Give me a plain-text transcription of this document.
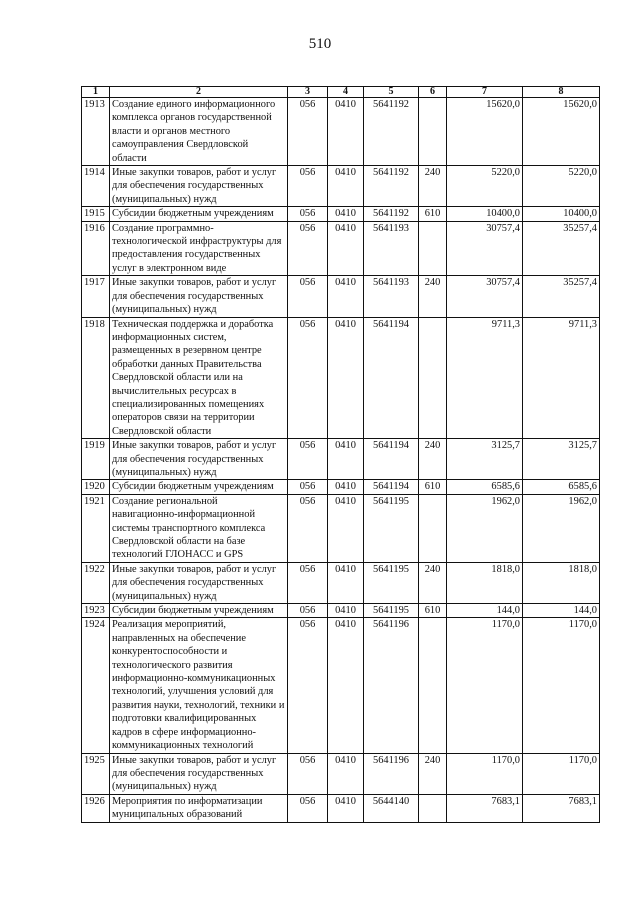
510
1	2	3	4	5	6	7	8
1913	Создание единого информационного комплекса органов государственной власти и органов местного самоуправления Свердловской области	056	0410	5641192		15620,0	15620,0
1914	Иные закупки товаров, работ и услуг для обеспечения государственных (муниципальных) нужд	056	0410	5641192	240	5220,0	5220,0
1915	Субсидии бюджетным учреждениям	056	0410	5641192	610	10400,0	10400,0
1916	Создание программно-технологической инфраструктуры для предоставления государственных услуг в электронном виде	056	0410	5641193		30757,4	35257,4
1917	Иные закупки товаров, работ и услуг для обеспечения государственных (муниципальных) нужд	056	0410	5641193	240	30757,4	35257,4
1918	Техническая поддержка и доработка информационных систем, размещенных в резервном центре обработки данных Правительства Свердловской области или на вычислительных ресурсах в специализированных помещениях операторов связи на территории Свердловской области	056	0410	5641194		9711,3	9711,3
1919	Иные закупки товаров, работ и услуг для обеспечения государственных (муниципальных) нужд	056	0410	5641194	240	3125,7	3125,7
1920	Субсидии бюджетным учреждениям	056	0410	5641194	610	6585,6	6585,6
1921	Создание региональной навигационно-информационной системы транспортного комплекса Свердловской области на базе технологий ГЛОНАСС и GPS	056	0410	5641195		1962,0	1962,0
1922	Иные закупки товаров, работ и услуг для обеспечения государственных (муниципальных) нужд	056	0410	5641195	240	1818,0	1818,0
1923	Субсидии бюджетным учреждениям	056	0410	5641195	610	144,0	144,0
1924	Реализация мероприятий, направленных на обеспечение конкурентоспособности и технологического развития информационно-коммуникационных технологий, улучшения условий для развития науки, технологий, техники и подготовки квалифицированных кадров в сфере информационно-коммуникационных технологий	056	0410	5641196		1170,0	1170,0
1925	Иные закупки товаров, работ и услуг для обеспечения государственных (муниципальных) нужд	056	0410	5641196	240	1170,0	1170,0
1926	Мероприятия по информатизации муниципальных образований	056	0410	5644140		7683,1	7683,1
